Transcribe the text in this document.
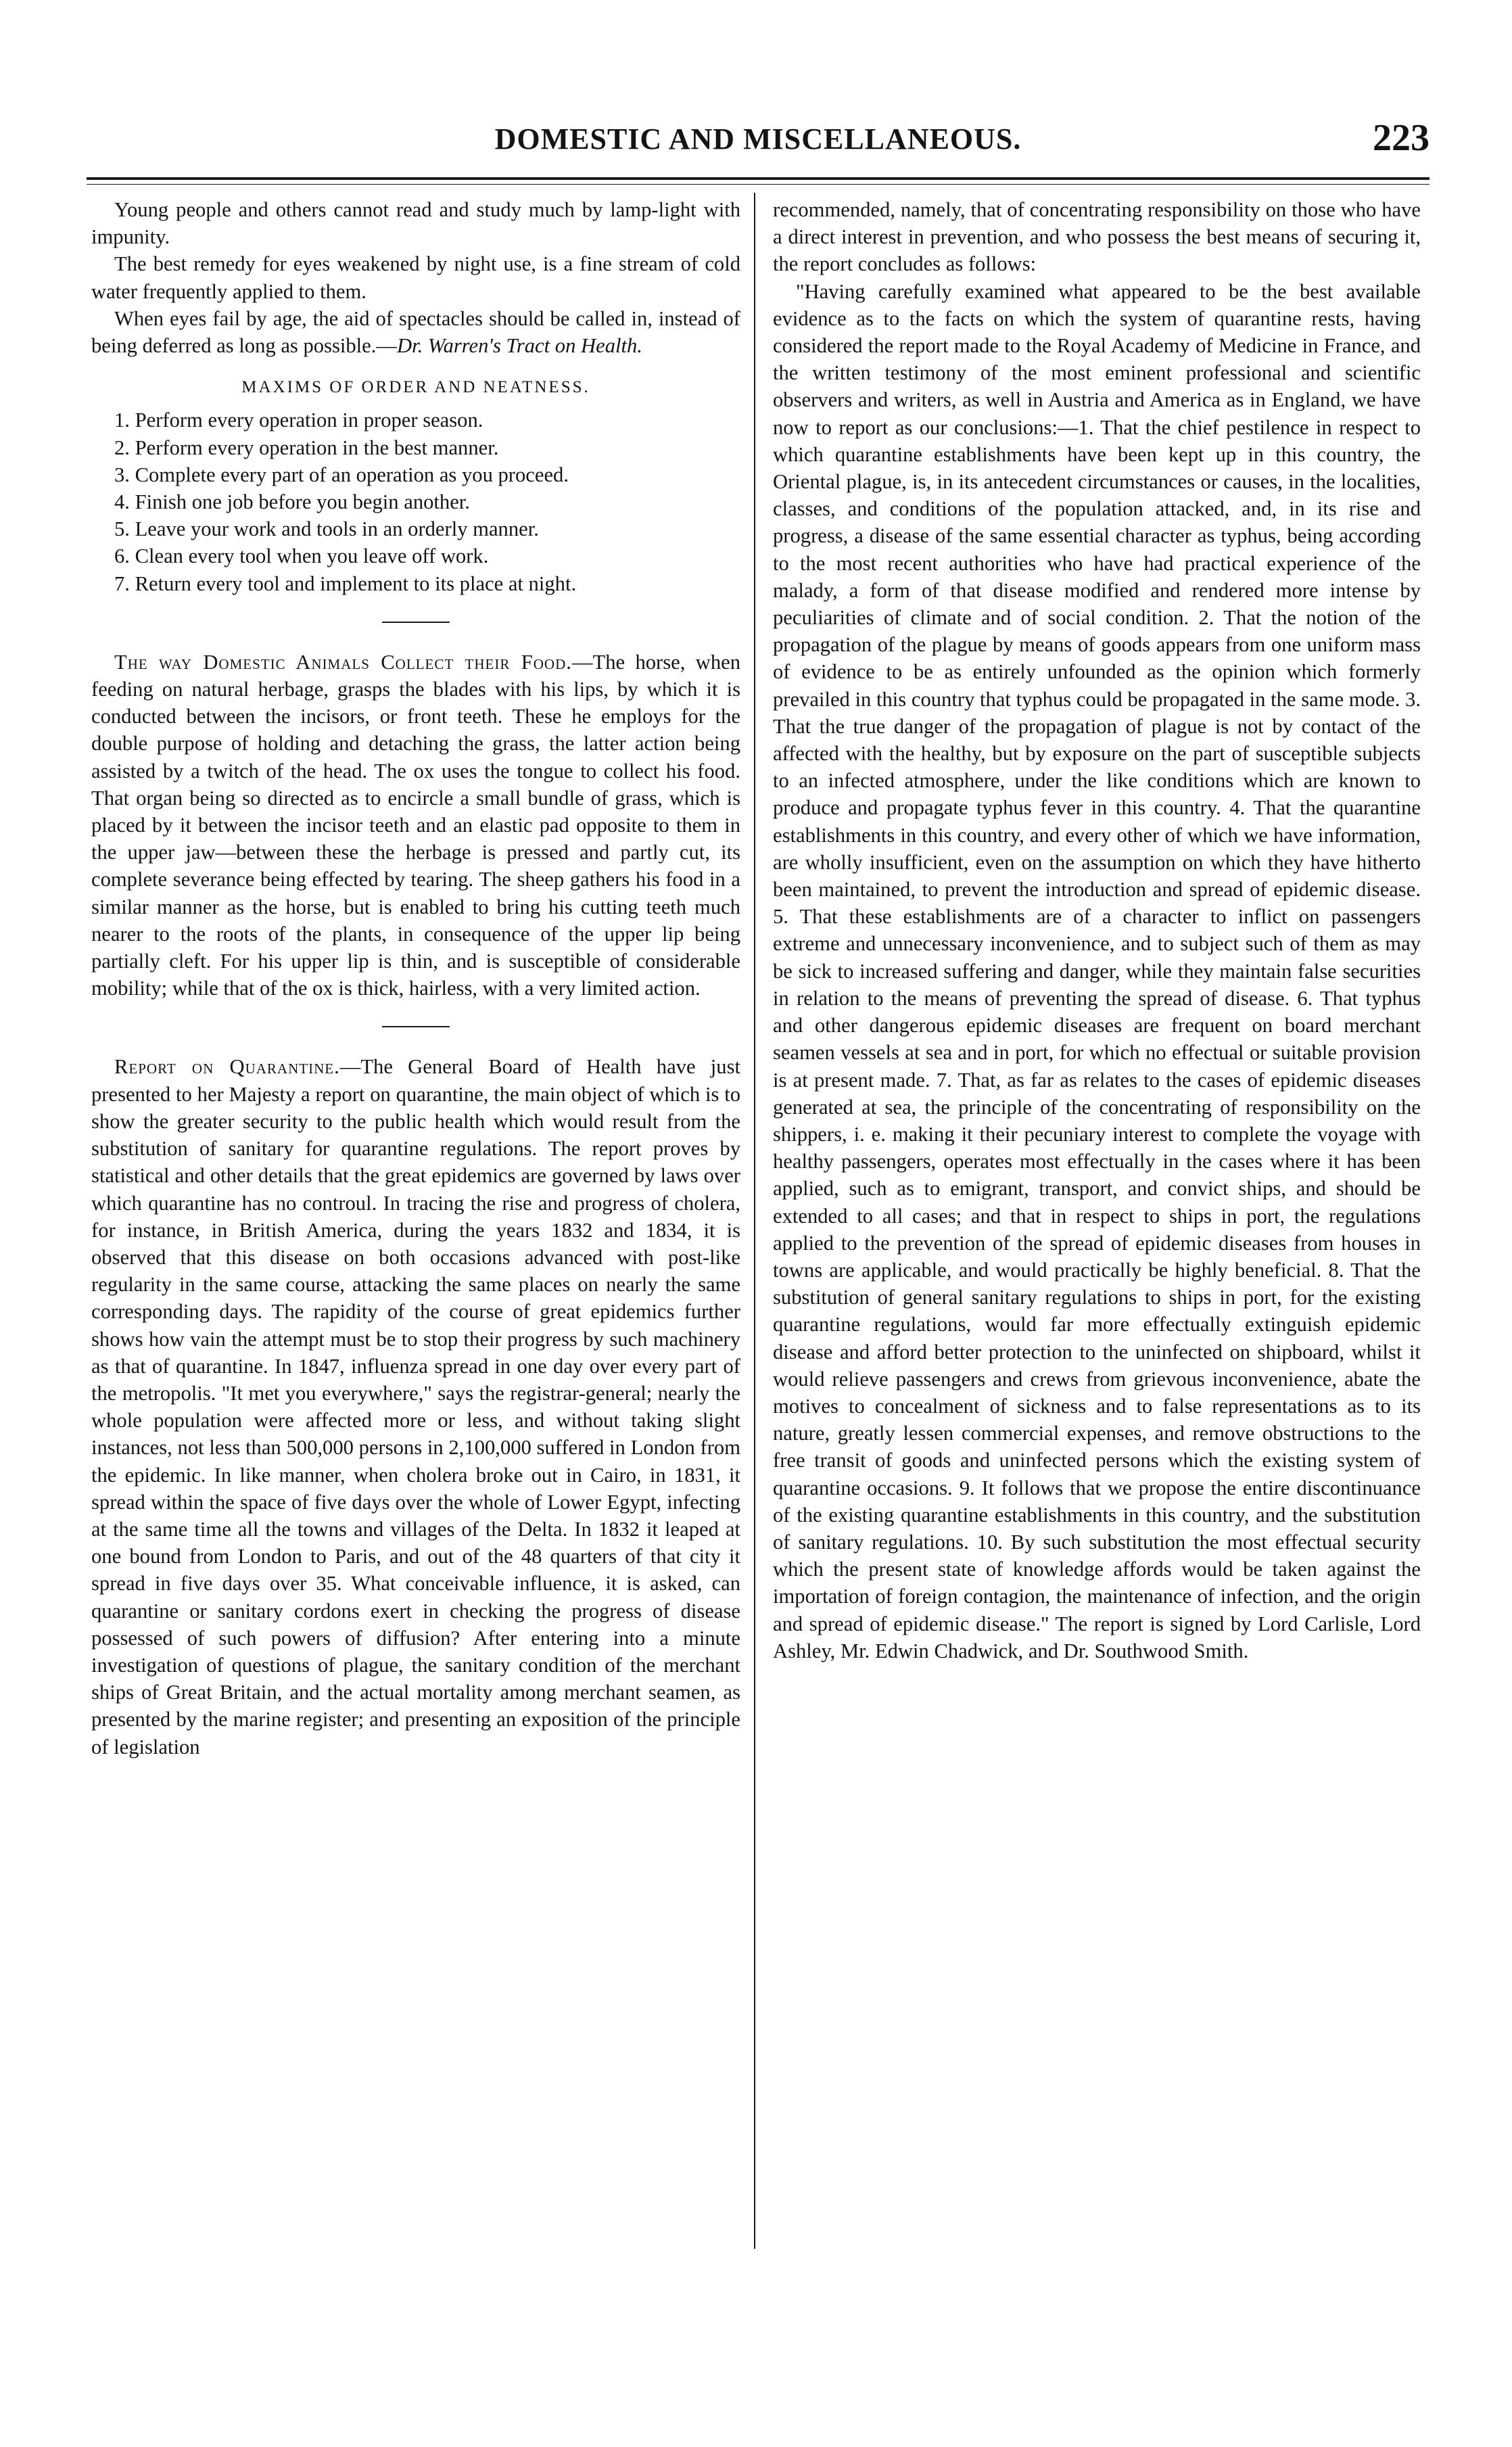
DOMESTIC AND MISCELLANEOUS.	223

Young people and others cannot read and study much by lamp-light with impunity.

The best remedy for eyes weakened by night use, is a fine stream of cold water frequently applied to them.

When eyes fail by age, the aid of spectacles should be called in, instead of being deferred as long as possible.—Dr. Warren's Tract on Health.

MAXIMS OF ORDER AND NEATNESS.
1. Perform every operation in proper season.
2. Perform every operation in the best manner.
3. Complete every part of an operation as you proceed.
4. Finish one job before you begin another.
5. Leave your work and tools in an orderly manner.
6. Clean every tool when you leave off work.
7. Return every tool and implement to its place at night.

The way Domestic Animals Collect their Food.—The horse, when feeding on natural herbage, grasps the blades with his lips, by which it is conducted between the incisors, or front teeth. These he employs for the double purpose of holding and detaching the grass, the latter action being assisted by a twitch of the head. The ox uses the tongue to collect his food. That organ being so directed as to encircle a small bundle of grass, which is placed by it between the incisor teeth and an elastic pad opposite to them in the upper jaw—between these the herbage is pressed and partly cut, its complete severance being effected by tearing. The sheep gathers his food in a similar manner as the horse, but is enabled to bring his cutting teeth much nearer to the roots of the plants, in consequence of the upper lip being partially cleft. For his upper lip is thin, and is susceptible of considerable mobility; while that of the ox is thick, hairless, with a very limited action.

Report on Quarantine.—The General Board of Health have just presented to her Majesty a report on quarantine, the main object of which is to show the greater security to the public health which would result from the substitution of sanitary for quarantine regulations. The report proves by statistical and other details that the great epidemics are governed by laws over which quarantine has no controul. In tracing the rise and progress of cholera, for instance, in British America, during the years 1832 and 1834, it is observed that this disease on both occasions advanced with post-like regularity in the same course, attacking the same places on nearly the same corresponding days. The rapidity of the course of great epidemics further shows how vain the attempt must be to stop their progress by such machinery as that of quarantine. In 1847, influenza spread in one day over every part of the metropolis. "It met you everywhere," says the registrar-general; nearly the whole population were affected more or less, and without taking slight instances, not less than 500,000 persons in 2,100,000 suffered in London from the epidemic. In like manner, when cholera broke out in Cairo, in 1831, it spread within the space of five days over the whole of Lower Egypt, infecting at the same time all the towns and villages of the Delta. In 1832 it leaped at one bound from London to Paris, and out of the 48 quarters of that city it spread in five days over 35. What conceivable influence, it is asked, can quarantine or sanitary cordons exert in checking the progress of disease possessed of such powers of diffusion? After entering into a minute investigation of questions of plague, the sanitary condition of the merchant ships of Great Britain, and the actual mortality among merchant seamen, as presented by the marine register; and presenting an exposition of the principle of legislation

recommended, namely, that of concentrating responsibility on those who have a direct interest in prevention, and who possess the best means of securing it, the report concludes as follows:

"Having carefully examined what appeared to be the best available evidence as to the facts on which the system of quarantine rests, having considered the report made to the Royal Academy of Medicine in France, and the written testimony of the most eminent professional and scientific observers and writers, as well in Austria and America as in England, we have now to report as our conclusions:—1. That the chief pestilence in respect to which quarantine establishments have been kept up in this country, the Oriental plague, is, in its antecedent circumstances or causes, in the localities, classes, and conditions of the population attacked, and, in its rise and progress, a disease of the same essential character as typhus, being according to the most recent authorities who have had practical experience of the malady, a form of that disease modified and rendered more intense by peculiarities of climate and of social condition. 2. That the notion of the propagation of the plague by means of goods appears from one uniform mass of evidence to be as entirely unfounded as the opinion which formerly prevailed in this country that typhus could be propagated in the same mode. 3. That the true danger of the propagation of plague is not by contact of the affected with the healthy, but by exposure on the part of susceptible subjects to an infected atmosphere, under the like conditions which are known to produce and propagate typhus fever in this country. 4. That the quarantine establishments in this country, and every other of which we have information, are wholly insufficient, even on the assumption on which they have hitherto been maintained, to prevent the introduction and spread of epidemic disease. 5. That these establishments are of a character to inflict on passengers extreme and unnecessary inconvenience, and to subject such of them as may be sick to increased suffering and danger, while they maintain false securities in relation to the means of preventing the spread of disease. 6. That typhus and other dangerous epidemic diseases are frequent on board merchant seamen vessels at sea and in port, for which no effectual or suitable provision is at present made. 7. That, as far as relates to the cases of epidemic diseases generated at sea, the principle of the concentrating of responsibility on the shippers, i. e. making it their pecuniary interest to complete the voyage with healthy passengers, operates most effectually in the cases where it has been applied, such as to emigrant, transport, and convict ships, and should be extended to all cases; and that in respect to ships in port, the regulations applied to the prevention of the spread of epidemic diseases from houses in towns are applicable, and would practically be highly beneficial. 8. That the substitution of general sanitary regulations to ships in port, for the existing quarantine regulations, would far more effectually extinguish epidemic disease and afford better protection to the uninfected on shipboard, whilst it would relieve passengers and crews from grievous inconvenience, abate the motives to concealment of sickness and to false representations as to its nature, greatly lessen commercial expenses, and remove obstructions to the free transit of goods and uninfected persons which the existing system of quarantine occasions. 9. It follows that we propose the entire discontinuance of the existing quarantine establishments in this country, and the substitution of sanitary regulations. 10. By such substitution the most effectual security which the present state of knowledge affords would be taken against the importation of foreign contagion, the maintenance of infection, and the origin and spread of epidemic disease." The report is signed by Lord Carlisle, Lord Ashley, Mr. Edwin Chadwick, and Dr. Southwood Smith.
